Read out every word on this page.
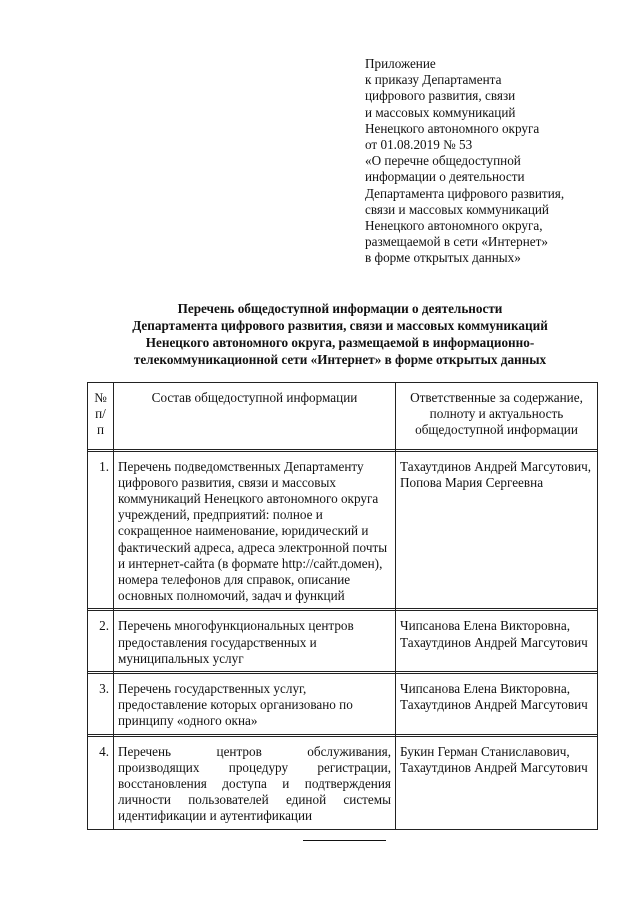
Приложение
к приказу Департамента
цифрового развития, связи
и массовых коммуникаций
Ненецкого автономного округа
от 01.08.2019 № 53
«О перечне общедоступной
информации о деятельности
Департамента цифрового развития,
связи и массовых коммуникаций
Ненецкого автономного округа,
размещаемой в сети «Интернет»
в форме открытых данных»
Перечень общедоступной информации о деятельности
Департамента цифрового развития, связи и массовых коммуникаций
Ненецкого автономного округа, размещаемой в информационно-
телекоммуникационной сети «Интернет» в форме открытых данных
№
п/п	Состав общедоступной информации	Ответственные за содержание, полноту и актуальность общедоступной информации

1.	Перечень подведомственных Департаменту цифрового развития, связи и массовых коммуникаций Ненецкого автономного округа учреждений, предприятий: полное и сокращенное наименование, юридический и фактический адреса, адреса электронной почты и интернет-сайта (в формате http://сайт.домен), номера телефонов для справок, описание основных полномочий, задач и функций	Тахаутдинов Андрей Магсутович, Попова Мария Сергеевна

2.	Перечень многофункциональных центров предоставления государственных и муниципальных услуг	Чипсанова Елена Викторовна, Тахаутдинов Андрей Магсутович

3.	Перечень государственных услуг, предоставление которых организовано по принципу «одного окна»	Чипсанова Елена Викторовна, Тахаутдинов Андрей Магсутович

4.	Перечень центров обслуживания, производящих процедуру регистрации, восстановления доступа и подтверждения личности пользователей единой системы идентификации и аутентификации	Букин Герман Станиславович, Тахаутдинов Андрей Магсутович
